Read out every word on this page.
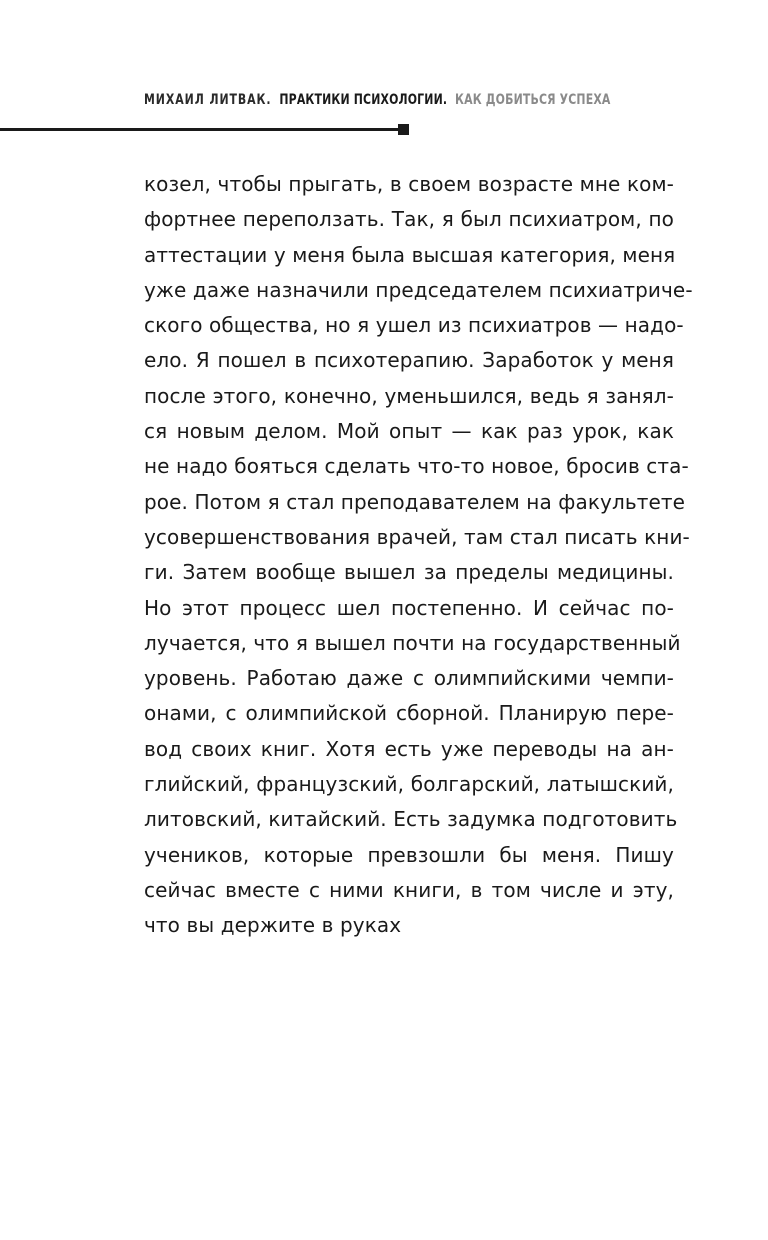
МИХАИЛ ЛИТВАК. ПРАКТИКИ ПСИХОЛОГИИ. КАК ДОБИТЬСЯ УСПЕХА
козел, чтобы прыгать, в своем возрасте мне ком-
фортнее переползать. Так, я был психиатром, по
аттестации у меня была высшая категория, меня
уже даже назначили председателем психиатриче-
ского общества, но я ушел из психиатров — надо-
ело. Я пошел в психотерапию. Заработок у меня
после этого, конечно, уменьшился, ведь я занял-
ся новым делом. Мой опыт — как раз урок, как
не надо бояться сделать что-то новое, бросив ста-
рое. Потом я стал преподавателем на факультете
усовершенствования врачей, там стал писать кни-
ги. Затем вообще вышел за пределы медицины.
Но этот процесс шел постепенно. И сейчас по-
лучается, что я вышел почти на государственный
уровень. Работаю даже с олимпийскими чемпи-
онами, с олимпийской сборной. Планирую пере-
вод своих книг. Хотя есть уже переводы на ан-
глийский, французский, болгарский, латышский,
литовский, китайский. Есть задумка подготовить
учеников, которые превзошли бы меня. Пишу
сейчас вместе с ними книги, в том числе и эту,
что вы держите в руках
